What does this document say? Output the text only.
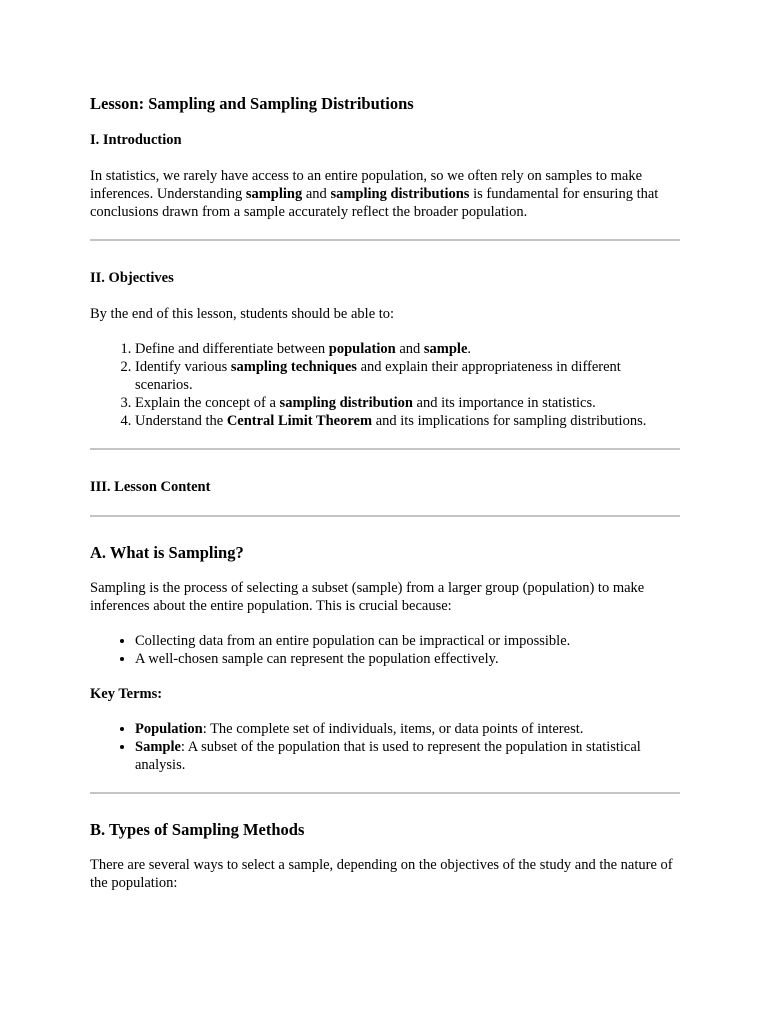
Lesson: Sampling and Sampling Distributions
I. Introduction

In statistics, we rarely have access to an entire population, so we often rely on samples to make inferences. Understanding sampling and sampling distributions is fundamental for ensuring that conclusions drawn from a sample accurately reflect the broader population.

II. Objectives

By the end of this lesson, students should be able to:

1. Define and differentiate between population and sample.
2. Identify various sampling techniques and explain their appropriateness in different scenarios.
3. Explain the concept of a sampling distribution and its importance in statistics.
4. Understand the Central Limit Theorem and its implications for sampling distributions.
III. Lesson Content
A. What is Sampling?

Sampling is the process of selecting a subset (sample) from a larger group (population) to make inferences about the entire population. This is crucial because:

• Collecting data from an entire population can be impractical or impossible.
• A well-chosen sample can represent the population effectively.

Key Terms:

• Population: The complete set of individuals, items, or data points of interest.
• Sample: A subset of the population that is used to represent the population in statistical analysis.
B. Types of Sampling Methods

There are several ways to select a sample, depending on the objectives of the study and the nature of the population:
